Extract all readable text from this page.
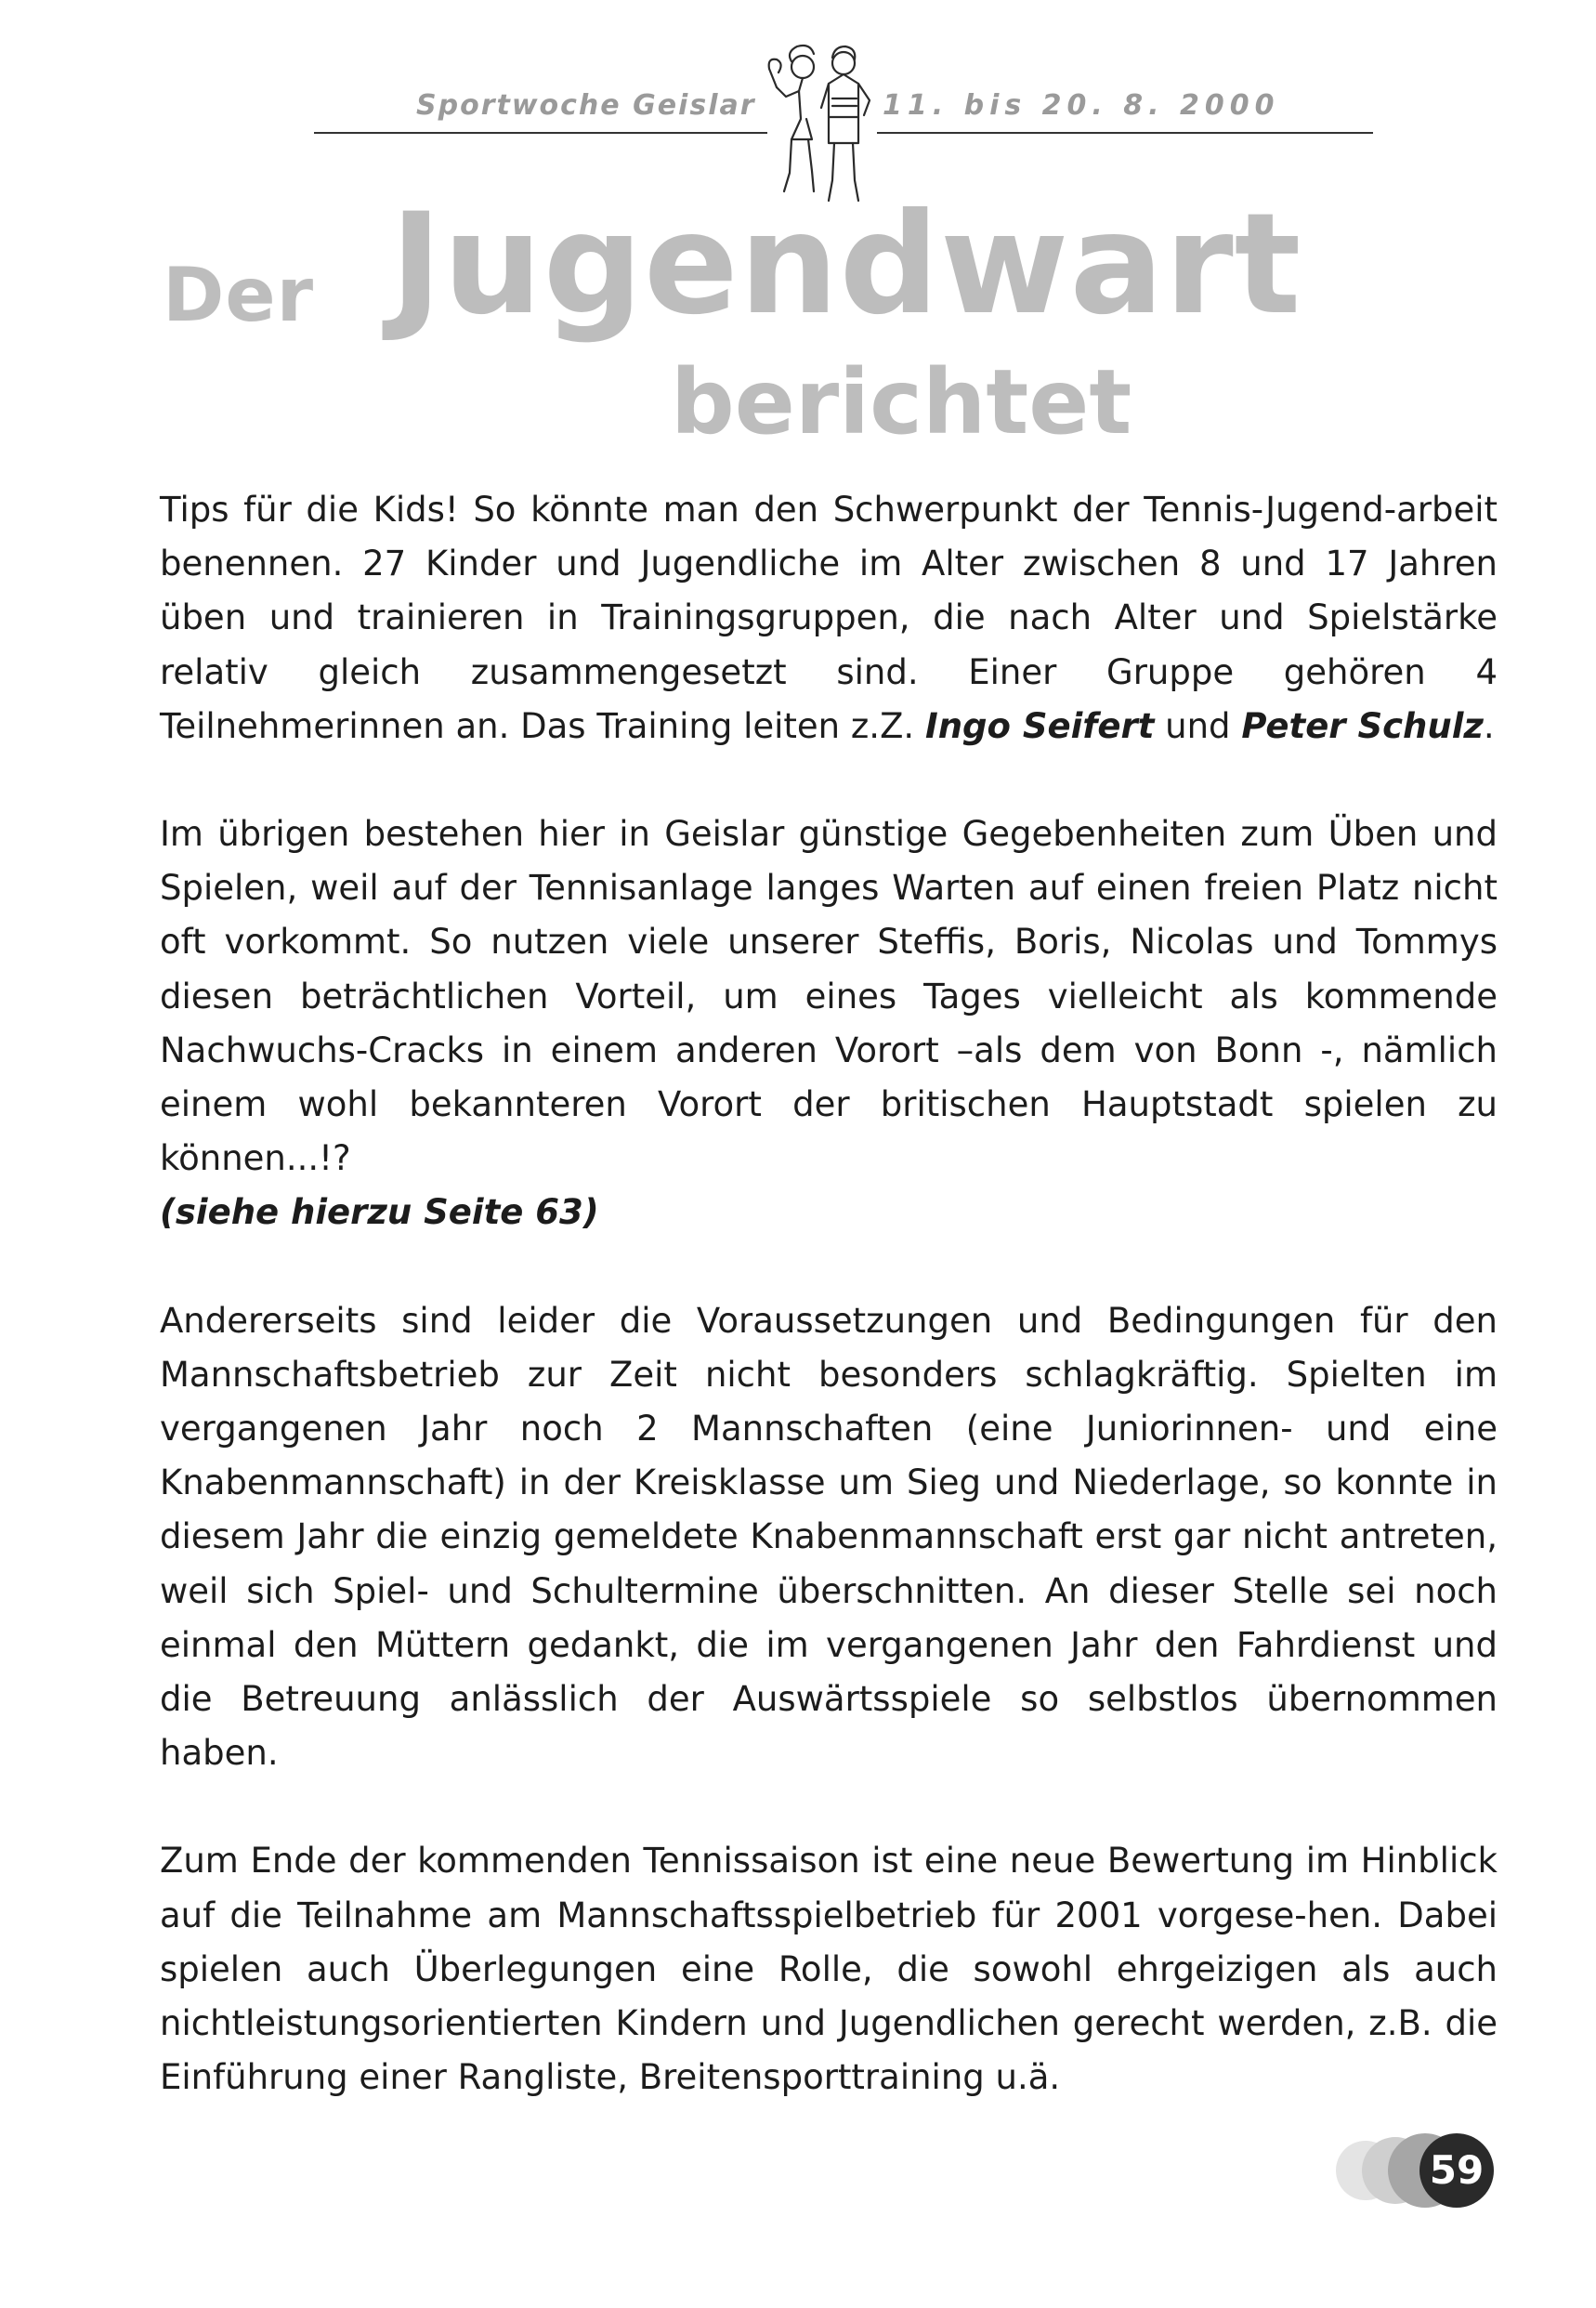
Sportwoche Geislar	11. bis 20. 8. 2000
Der Jugendwart
berichtet

Tips für die Kids! So könnte man den Schwerpunkt der Tennis-Jugend-arbeit benennen. 27 Kinder und Jugendliche im Alter zwischen 8 und 17 Jahren üben und trainieren in Trainingsgruppen, die nach Alter und Spielstärke relativ gleich zusammengesetzt sind. Einer Gruppe gehören 4 Teilnehmerinnen an. Das Training leiten z.Z. Ingo Seifert und Peter Schulz.

Im übrigen bestehen hier in Geislar günstige Gegebenheiten zum Üben und Spielen, weil auf der Tennisanlage langes Warten auf einen freien Platz nicht oft vorkommt. So nutzen viele unserer Steffis, Boris, Nicolas und Tommys diesen beträchtlichen Vorteil, um eines Tages vielleicht als kommende Nachwuchs-Cracks in einem anderen Vorort –als dem von Bonn -, nämlich einem wohl bekannteren Vorort der britischen Hauptstadt spielen zu können...!?

(siehe hierzu Seite 63)

Andererseits sind leider die Voraussetzungen und Bedingungen für den Mannschaftsbetrieb zur Zeit nicht besonders schlagkräftig. Spielten im vergangenen Jahr noch 2 Mannschaften (eine Juniorinnen- und eine Knabenmannschaft) in der Kreisklasse um Sieg und Niederlage, so konnte in diesem Jahr die einzig gemeldete Knabenmannschaft erst gar nicht antreten, weil sich Spiel- und Schultermine überschnitten. An dieser Stelle sei noch einmal den Müttern gedankt, die im vergangenen Jahr den Fahrdienst und die Betreuung anlässlich der Auswärtsspiele so selbstlos übernommen haben.

Zum Ende der kommenden Tennissaison ist eine neue Bewertung im Hinblick auf die Teilnahme am Mannschaftsspielbetrieb für 2001 vorgese-hen. Dabei spielen auch Überlegungen eine Rolle, die sowohl ehrgeizigen als auch nichtleistungsorientierten Kindern und Jugendlichen gerecht werden, z.B. die Einführung einer Rangliste, Breitensporttraining u.ä.

59
